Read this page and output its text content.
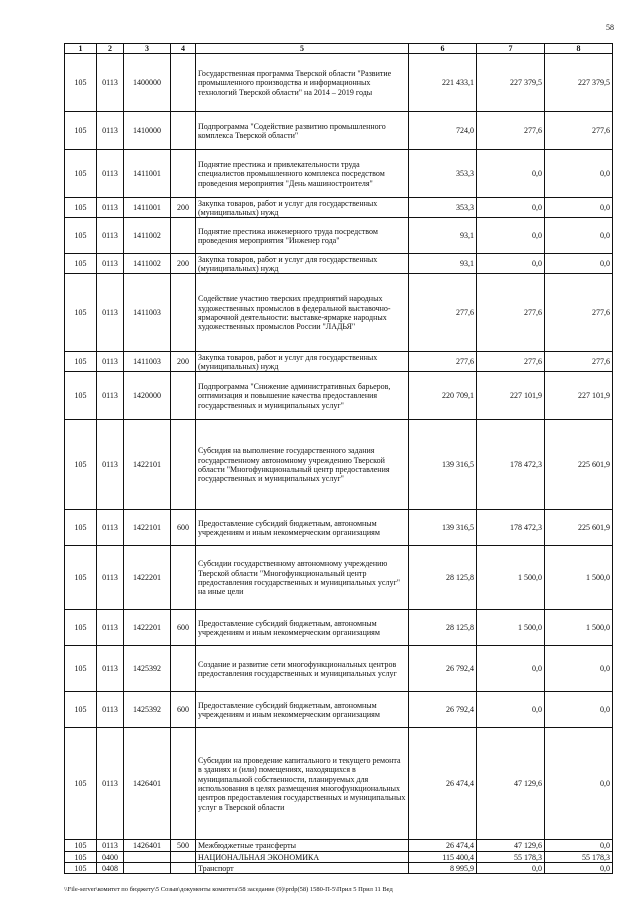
58
1	2	3	4	5	6	7	8
105	0113	1400000		Государственная программа Тверской области "Развитие промышленного производства и информационных технологий Тверской области" на 2014 – 2019 годы	221 433,1	227 379,5	227 379,5
105	0113	1410000		Подпрограмма "Содействие развитию промышленного комплекса Тверской области"	724,0	277,6	277,6
105	0113	1411001		Поднятие престижа и привлекательности труда специалистов промышленного комплекса посредством проведения мероприятия "День машиностроителя"	353,3	0,0	0,0
105	0113	1411001	200	Закупка товаров, работ и услуг для государственных (муниципальных) нужд	353,3	0,0	0,0
105	0113	1411002		Поднятие престижа инженерного труда посредством проведения мероприятия "Инженер года"	93,1	0,0	0,0
105	0113	1411002	200	Закупка товаров, работ и услуг для государственных (муниципальных) нужд	93,1	0,0	0,0
105	0113	1411003		Содействие участию тверских предприятий народных художественных промыслов в федеральной выставочно-ярмарочной деятельности: выставке-ярмарке народных художественных промыслов России "ЛАДЬЯ"	277,6	277,6	277,6
105	0113	1411003	200	Закупка товаров, работ и услуг для государственных (муниципальных) нужд	277,6	277,6	277,6
105	0113	1420000		Подпрограмма "Снижение административных барьеров, оптимизация и повышение качества предоставления государственных и муниципальных услуг"	220 709,1	227 101,9	227 101,9
105	0113	1422101		Субсидия на выполнение государственного задания государственному автономному учреждению Тверской области "Многофункциональный центр предоставления государственных и муниципальных услуг"	139 316,5	178 472,3	225 601,9
105	0113	1422101	600	Предоставление субсидий бюджетным, автономным учреждениям и иным некоммерческим организациям	139 316,5	178 472,3	225 601,9
105	0113	1422201		Субсидии государственному автономному учреждению Тверской области "Многофункциональный центр предоставления государственных и муниципальных услуг" на иные цели	28 125,8	1 500,0	1 500,0
105	0113	1422201	600	Предоставление субсидий бюджетным, автономным учреждениям и иным некоммерческим организациям	28 125,8	1 500,0	1 500,0
105	0113	1425392		Создание и развитие сети многофункциональных центров предоставления государственных и муниципальных услуг	26 792,4	0,0	0,0
105	0113	1425392	600	Предоставление субсидий бюджетным, автономным учреждениям и иным некоммерческим организациям	26 792,4	0,0	0,0
105	0113	1426401		Субсидии на проведение капитального и текущего ремонта в зданиях и (или) помещениях, находящихся в муниципальной собственности, планируемых для использования в целях размещения многофункциональных центров предоставления государственных и муниципальных услуг в Тверской области	26 474,4	47 129,6	0,0
105	0113	1426401	500	Межбюджетные трансферты	26 474,4	47 129,6	0,0
105	0400			НАЦИОНАЛЬНАЯ ЭКОНОМИКА	115 400,4	55 178,3	55 178,3
105	0408			Транспорт	8 995,9	0,0	0,0
\\File-server\комитет по бюджету\5 Созыв\документы комитета\58 заседание (9)\prdp(58) 1580-П-5\Прил 5 Прил 11 Вед
